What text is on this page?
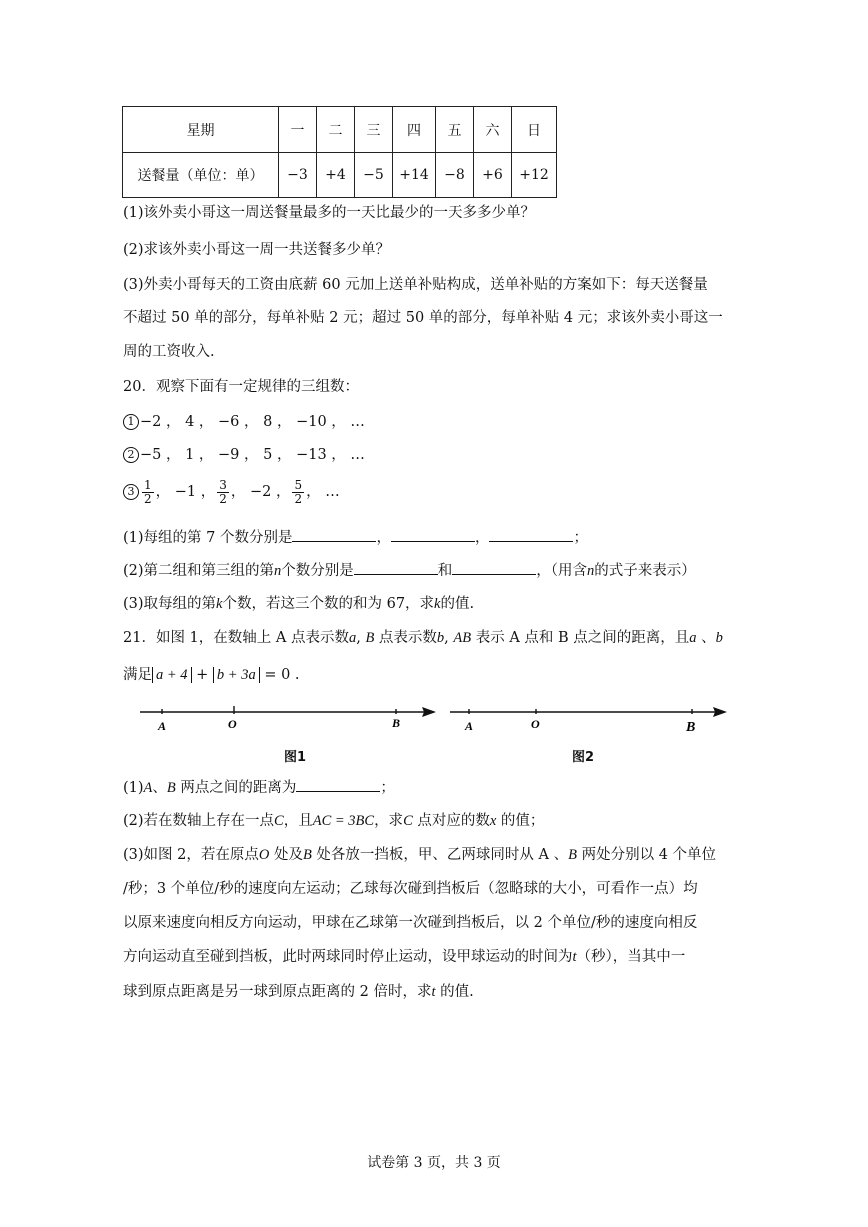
星期	一	二	三	四	五	六	日
送餐量（单位：单）	−3	+4	−5	+14	−8	+6	+12
(1)该外卖小哥这一周送餐量最多的一天比最少的一天多多少单？
(2)求该外卖小哥这一周一共送餐多少单？
(3)外卖小哥每天的工资由底薪 60 元加上送单补贴构成，送单补贴的方案如下：每天送餐量
不超过 50 单的部分，每单补贴 2 元；超过 50 单的部分，每单补贴 4 元；求该外卖小哥这一
周的工资收入.
20．观察下面有一定规律的三组数：
1 −2 ， 4 ， −6 ， 8 ， −10 ， …
2 −5 ， 1 ， −9 ， 5 ， −13 ， …
$3 \frac{1}{2}$ ， −1 ， $\frac{3}{2}$ ， −2 ， $\frac{5}{2}$ ， …
(1)每组的第 7 个数分别是	，	，	；
(2)第二组和第三组的第n个数分别是	和	，（用含n的式子来表示）
(3)取每组的第k个数，若这三个数的和为 67，求k的值.
21．如图 1，在数轴上 A 点表示数a, B 点表示数b, AB 表示 A 点和 B 点之间的距离，且a 、b
满足 a + 4 + b + 3a = 0 .
A	O	B
图1
A	O	B
图2
(1)A、B 两点之间的距离为	；
(2)若在数轴上存在一点C，且AC = 3BC，求C 点对应的数x 的值；
(3)如图 2，若在原点O 处及B 处各放一挡板，甲、乙两球同时从 A 、B 两处分别以 4 个单位
/秒；3 个单位/秒的速度向左运动；乙球每次碰到挡板后（忽略球的大小，可看作一点）均
以原来速度向相反方向运动，甲球在乙球第一次碰到挡板后，以 2 个单位/秒的速度向相反
方向运动直至碰到挡板，此时两球同时停止运动，设甲球运动的时间为t（秒），当其中一
球到原点距离是另一球到原点距离的 2 倍时，求t 的值.
试卷第 3 页，共 3 页
